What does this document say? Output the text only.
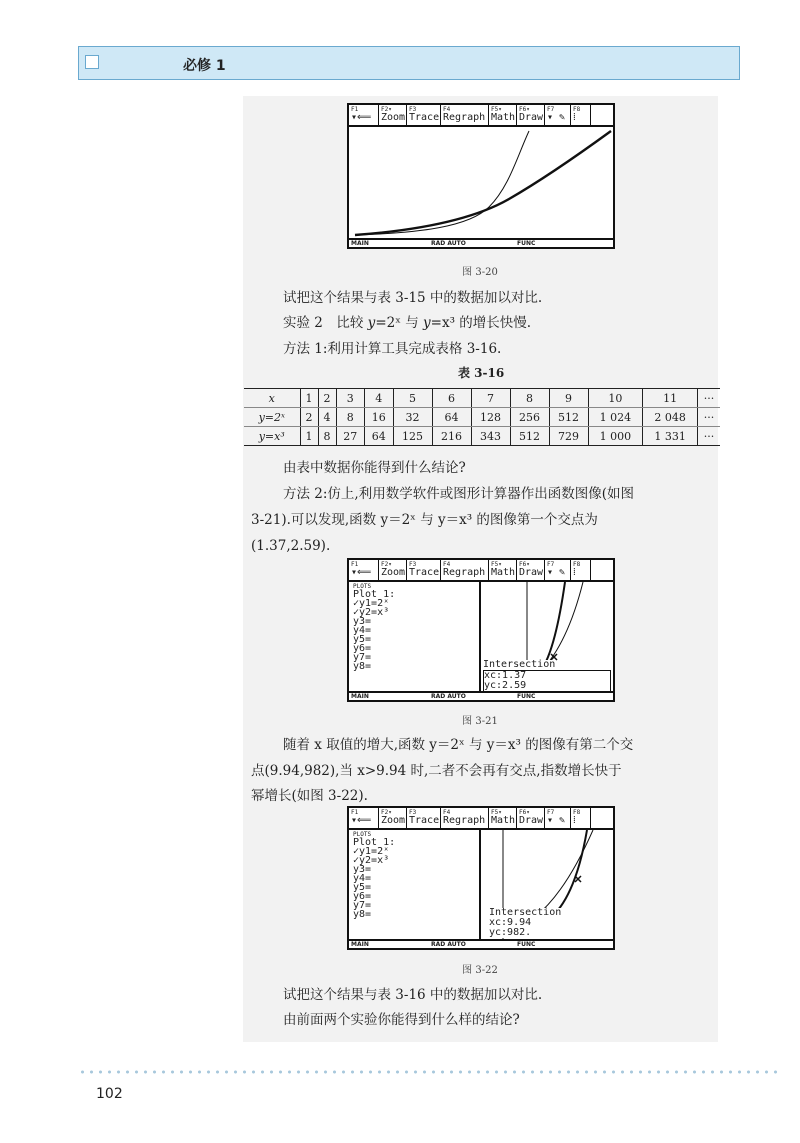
必修 1
F1
▾⟸
F2▾
Zoom
F3
Trace
F4
Regraph
F5▾
Math
F6▾
Draw
F7
▾ ✎
F8
⁞
MAIN	RAD AUTO	FUNC
图 3-20
试把这个结果与表 3-15 中的数据加以对比.
实验 2　比较 y=2ˣ 与 y=x³ 的增长快慢.
方法 1:利用计算工具完成表格 3-16.
表 3-16
x	1	2	3	4	5	6	7	8	9	10	11	···
y=2ˣ	2	4	8	16	32	64	128	256	512	1 024	2 048	···
y=x³	1	8	27	64	125	216	343	512	729	1 000	1 331	···
由表中数据你能得到什么结论?
方法 2:仿上,利用数学软件或图形计算器作出函数图像(如图
3-21).可以发现,函数 y＝2ˣ 与 y＝x³ 的图像第一个交点为
(1.37,2.59).
F1
▾⟸
F2▾
Zoom
F3
Trace
F4
Regraph
F5▾
Math
F6▾
Draw
F7
▾ ✎
F8
⁞
PLOTS
Plot 1:
✓y1=2ˣ
✓y2=x³
y3=
y4=
y5=
y6=
y7=
y8=	Intersection
xc:1.37
yc:2.59
MAIN	RAD AUTO	FUNC
图 3-21
随着 x 取值的增大,函数 y＝2ˣ 与 y＝x³ 的图像有第二个交
点(9.94,982),当 x>9.94 时,二者不会再有交点,指数增长快于
幂增长(如图 3-22).
F1
▾⟸
F2▾
Zoom
F3
Trace
F4
Regraph
F5▾
Math
F6▾
Draw
F7
▾ ✎
F8
⁞
PLOTS
Plot 1:
✓y1=2ˣ
✓y2=x³
y3=
y4=
y5=
y6=
y7=
y8=	Intersection
xc:9.94
yc:982.
MAIN	RAD AUTO	FUNC
图 3-22
试把这个结果与表 3-16 中的数据加以对比.
由前面两个实验你能得到什么样的结论?
102
